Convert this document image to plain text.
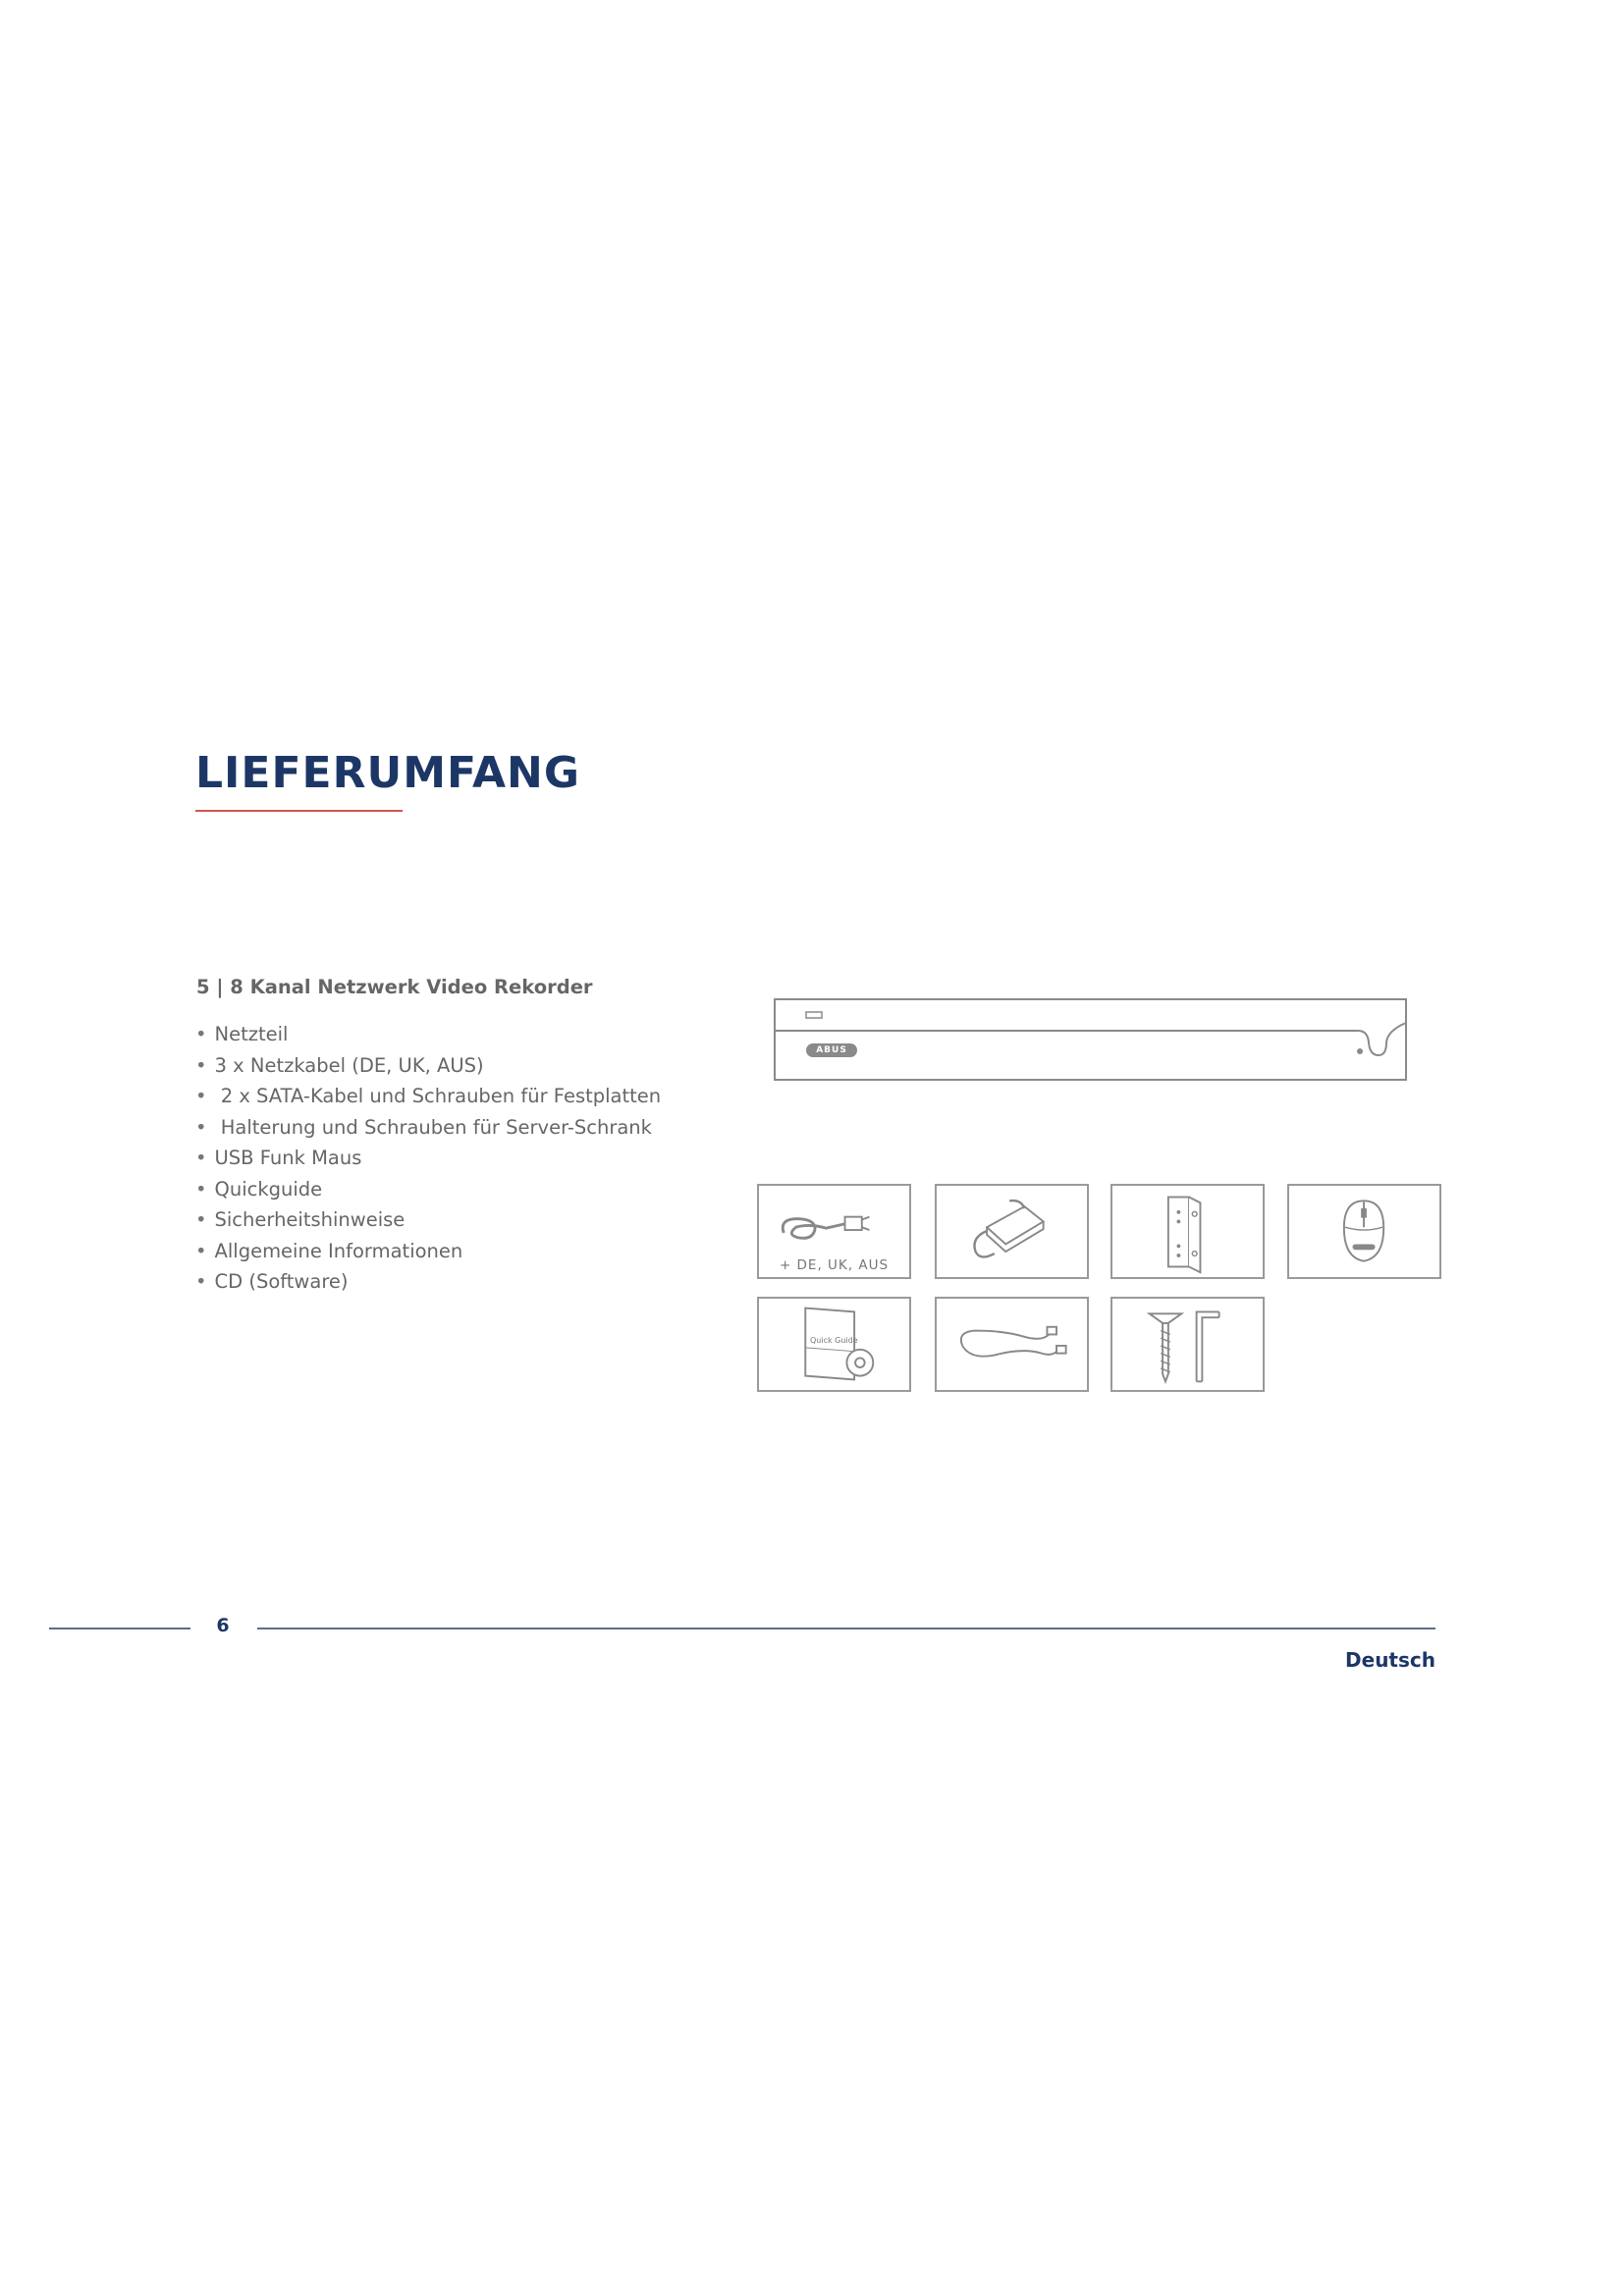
LIEFERUMFANG
5 | 8 Kanal Netzwerk Video Rekorder
• Netzteil
• 3 x Netzkabel (DE, UK, AUS)
• 2 x SATA-Kabel und Schrauben für Festplatten
• Halterung und Schrauben für Server-Schrank
• USB Funk Maus
• Quickguide
• Sicherheitshinweise
• Allgemeine Informationen
• CD (Software)
ABUS
+ DE, UK, AUS
Quick Guide
6
Deutsch
